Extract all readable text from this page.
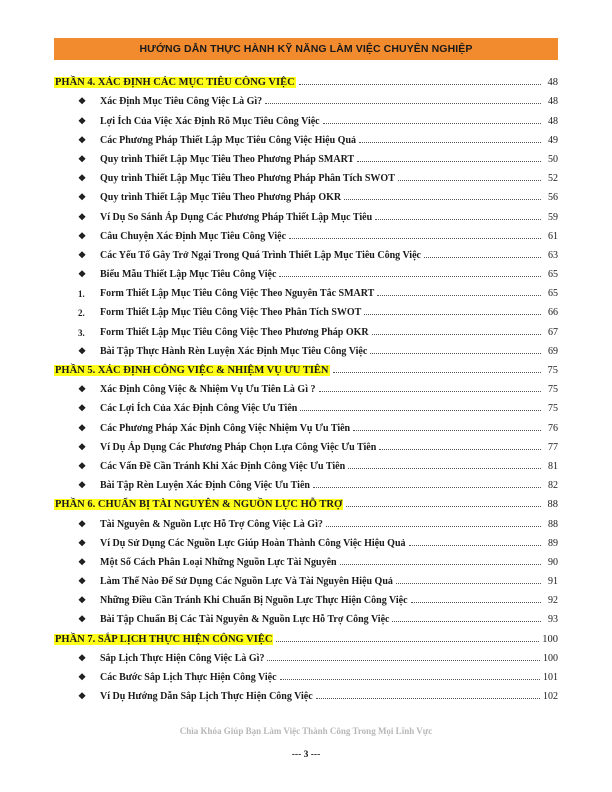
HƯỚNG DẪN THỰC HÀNH KỸ NĂNG LÀM VIỆC CHUYÊN NGHIỆP
PHẦN 4. XÁC ĐỊNH CÁC MỤC TIÊU CÔNG VIỆC	48
❖	Xác Định Mục Tiêu Công Việc Là Gì?	48
❖	Lợi Ích Của Việc Xác Định Rõ Mục Tiêu Công Việc	48
❖	Các Phương Pháp Thiết Lập Mục Tiêu Công Việc Hiệu Quả	49
❖	Quy trình Thiết Lập Mục Tiêu Theo Phương Pháp SMART	50
❖	Quy trình Thiết Lập Mục Tiêu Theo Phương Pháp Phân Tích SWOT	52
❖	Quy trình Thiết Lập Mục Tiêu Theo Phương Pháp OKR	56
❖	Ví Dụ So Sánh Áp Dụng Các Phương Pháp Thiết Lập Mục Tiêu	59
❖	Câu Chuyện Xác Định Mục Tiêu Công Việc	61
❖	Các Yếu Tố Gây Trở Ngại Trong Quá Trình Thiết Lập Mục Tiêu Công Việc	63
❖	Biểu Mẫu Thiết Lập Mục Tiêu Công Việc	65
1.	Form Thiết Lập Mục Tiêu Công Việc Theo Nguyên Tắc SMART	65
2.	Form Thiết Lập Mục Tiêu Công Việc Theo Phân Tích SWOT	66
3.	Form Thiết Lập Mục Tiêu Công Việc Theo Phương Pháp OKR	67
❖	Bài Tập Thực Hành Rèn Luyện Xác Định Mục Tiêu Công Việc	69
PHẦN 5. XÁC ĐỊNH CÔNG VIỆC & NHIỆM VỤ ƯU TIÊN	75
❖	Xác Định Công Việc & Nhiệm Vụ Ưu Tiên Là Gì ?	75
❖	Các Lợi Ích Của Xác Định Công Việc Ưu Tiên	75
❖	Các Phương Pháp Xác Định Công Việc Nhiệm Vụ Ưu Tiên	76
❖	Ví Dụ Áp Dụng Các Phương Pháp Chọn Lựa Công Việc Ưu Tiên	77
❖	Các Vấn Đề Cần Tránh Khi Xác Định Công Việc Ưu Tiên	81
❖	Bài Tập Rèn Luyện Xác Định Công Việc Ưu Tiên	82
PHẦN 6. CHUẨN BỊ TÀI NGUYÊN & NGUỒN LỰC HỖ TRỢ	88
❖	Tài Nguyên & Nguồn Lực Hỗ Trợ Công Việc Là Gì?	88
❖	Ví Dụ Sử Dụng Các Nguồn Lực Giúp Hoàn Thành Công Việc Hiệu Quả	89
❖	Một Số Cách Phân Loại Những Nguồn Lực Tài Nguyên	90
❖	Làm Thế Nào Để Sử Dụng Các Nguồn Lực Và Tài Nguyên Hiệu Quả	91
❖	Những Điều Cần Tránh Khi Chuẩn Bị Nguồn Lực Thực Hiện Công Việc	92
❖	Bài Tập Chuẩn Bị Các Tài Nguyên & Nguồn Lực Hỗ Trợ Công Việc	93
PHẦN 7. SẮP LỊCH THỰC HIỆN CÔNG VIỆC	100
❖	Sắp Lịch Thực Hiện Công Việc Là Gì?	100
❖	Các Bước Sắp Lịch Thực Hiện Công Việc	101
❖	Ví Dụ Hướng Dẫn Sắp Lịch Thực Hiện Công Việc	102
Chìa Khóa Giúp Bạn Làm Việc Thành Công Trong Mọi Lĩnh Vực
--- 3 ---
